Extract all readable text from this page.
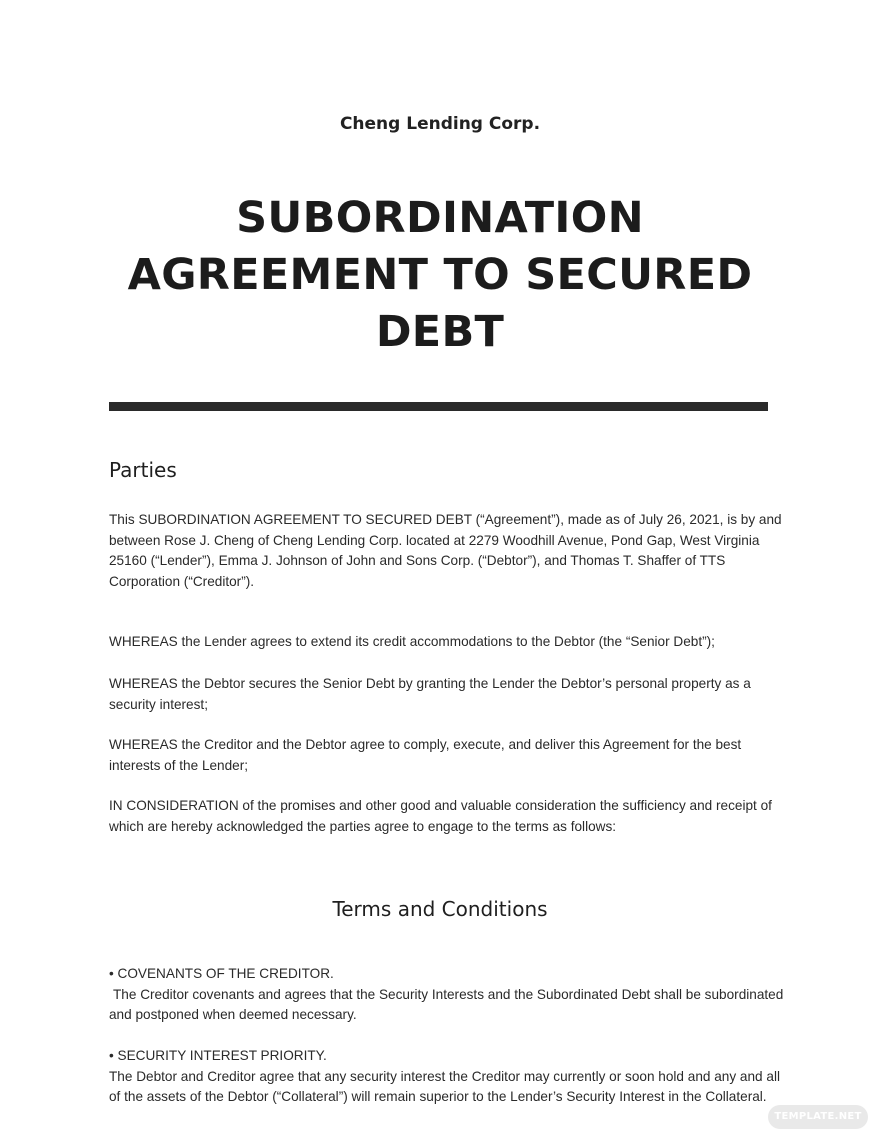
Cheng Lending Corp.
SUBORDINATION AGREEMENT TO SECURED DEBT
Parties

This SUBORDINATION AGREEMENT TO SECURED DEBT (“Agreement”), made as of July 26, 2021, is by and between Rose J. Cheng of Cheng Lending Corp. located at 2279 Woodhill Avenue, Pond Gap, West Virginia 25160 (“Lender”), Emma J. Johnson of John and Sons Corp. (“Debtor”), and Thomas T. Shaffer of TTS Corporation (“Creditor”).

WHEREAS the Lender agrees to extend its credit accommodations to the Debtor (the “Senior Debt”);

WHEREAS the Debtor secures the Senior Debt by granting the Lender the Debtor’s personal property as a security interest;

WHEREAS the Creditor and the Debtor agree to comply, execute, and deliver this Agreement for the best interests of the Lender;

IN CONSIDERATION of the promises and other good and valuable consideration the sufficiency and receipt of which are hereby acknowledged the parties agree to engage to the terms as follows:

Terms and Conditions
• COVENANTS OF THE CREDITOR.
The Creditor covenants and agrees that the Security Interests and the Subordinated Debt shall be subordinated and postponed when deemed necessary.
• SECURITY INTEREST PRIORITY.
The Debtor and Creditor agree that any security interest the Creditor may currently or soon hold and any and all of the assets of the Debtor (“Collateral”) will remain superior to the Lender’s Security Interest in the Collateral.
TEMPLATE.NET
